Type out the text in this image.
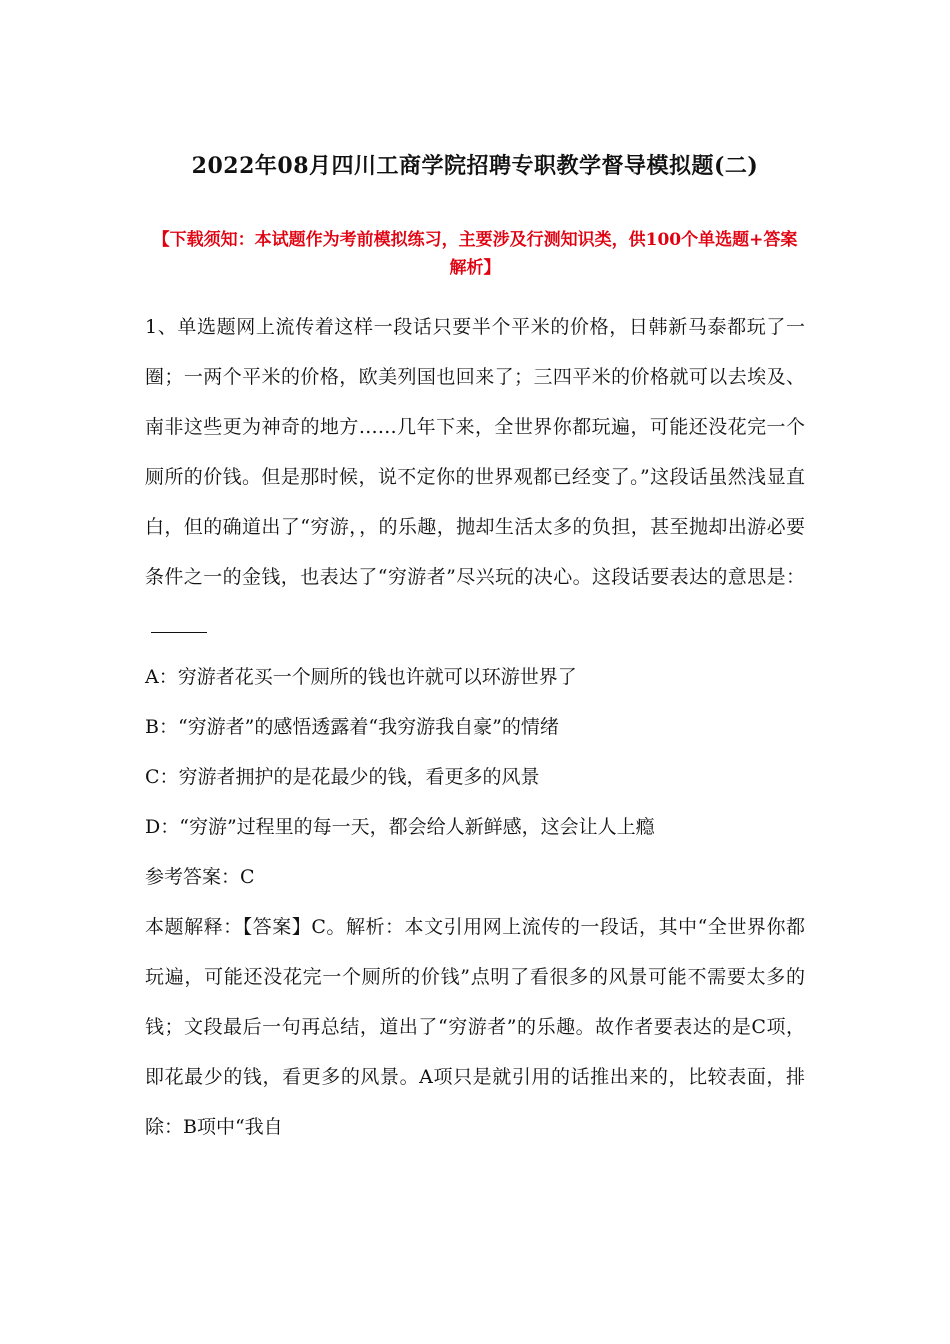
2022年08月四川工商学院招聘专职教学督导模拟题(二)
【下载须知：本试题作为考前模拟练习，主要涉及行测知识类，供100个单选题+答案解析】

1、单选题网上流传着这样一段话只要半个平米的价格，日韩新马泰都玩了一圈；一两个平米的价格，欧美列国也回来了；三四平米的价格就可以去埃及、南非这些更为神奇的地方……几年下来，全世界你都玩遍，可能还没花完一个厕所的价钱。但是那时候，说不定你的世界观都已经变了。”这段话虽然浅显直白，但的确道出了“穷游，，的乐趣，抛却生活太多的负担，甚至抛却出游必要条件之一的金钱，也表达了“穷游者”尽兴玩的决心。这段话要表达的意思是：

A：穷游者花买一个厕所的钱也许就可以环游世界了

B：“穷游者”的感悟透露着“我穷游我自豪”的情绪

C：穷游者拥护的是花最少的钱，看更多的风景

D：“穷游”过程里的每一天，都会给人新鲜感，这会让人上瘾

参考答案：C

本题解释：【答案】C。解析：本文引用网上流传的一段话，其中“全世界你都玩遍，可能还没花完一个厕所的价钱”点明了看很多的风景可能不需要太多的钱；文段最后一句再总结，道出了“穷游者”的乐趣。故作者要表达的是C项，即花最少的钱，看更多的风景。A项只是就引用的话推出来的，比较表面，排除：B项中“我自
